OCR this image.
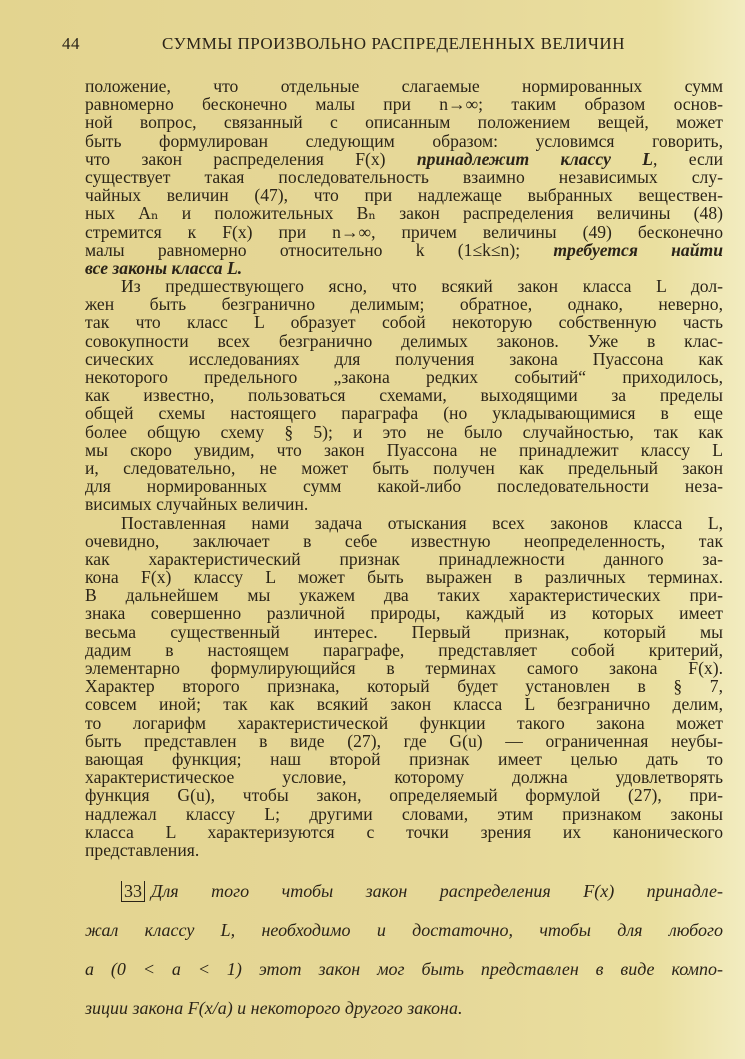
44	СУММЫ ПРОИЗВОЛЬНО РАСПРЕДЕЛЕННЫХ ВЕЛИЧИН
положение, что отдельные слагаемые нормированных сумм
равномерно бесконечно малы при n→∞; таким образом основ-
ной вопрос, связанный с описанным положением вещей, может
быть формулирован следующим образом: условимся говорить,
что закон распределения F(x) принадлежит классу L, если
существует такая последовательность взаимно независимых слу-
чайных величин (47), что при надлежаще выбранных веществен-
ных Aₙ и положительных Bₙ закон распределения величины (48)
стремится к F(x) при n→∞, причем величины (49) бесконечно
малы равномерно относительно k (1≤k≤n); требуется найти
все законы класса L.
Из предшествующего ясно, что всякий закон класса L дол-
жен быть безгранично делимым; обратное, однако, неверно,
так что класс L образует собой некоторую собственную часть
совокупности всех безгранично делимых законов. Уже в клас-
сических исследованиях для получения закона Пуассона как
некоторого предельного „закона редких событий“ приходилось,
как известно, пользоваться схемами, выходящими за пределы
общей схемы настоящего параграфа (но укладывающимися в еще
более общую схему § 5); и это не было случайностью, так как
мы скоро увидим, что закон Пуассона не принадлежит классу L
и, следовательно, не может быть получен как предельный закон
для нормированных сумм какой-либо последовательности неза-
висимых случайных величин.
Поставленная нами задача отыскания всех законов класса L,
очевидно, заключает в себе известную неопределенность, так
как характеристический признак принадлежности данного за-
кона F(x) классу L может быть выражен в различных терминах.
В дальнейшем мы укажем два таких характеристических при-
знака совершенно различной природы, каждый из которых имеет
весьма существенный интерес. Первый признак, который мы
дадим в настоящем параграфе, представляет собой критерий,
элементарно формулирующийся в терминах самого закона F(x).
Характер второго признака, который будет установлен в § 7,
совсем иной; так как всякий закон класса L безгранично делим,
то логарифм характеристической функции такого закона может
быть представлен в виде (27), где G(u) — ограниченная неубы-
вающая функция; наш второй признак имеет целью дать то
характеристическое условие, которому должна удовлетворять
функция G(u), чтобы закон, определяемый формулой (27), при-
надлежал классу L; другими словами, этим признаком законы
класса L характеризуются с точки зрения их канонического
представления.
33 Для того чтобы закон распределения F(x) принадле-
жал классу L, необходимо и достаточно, чтобы для любого
a (0 < a < 1) этот закон мог быть представлен в виде компо-
зиции закона F(x/a) и некоторого другого закона.
